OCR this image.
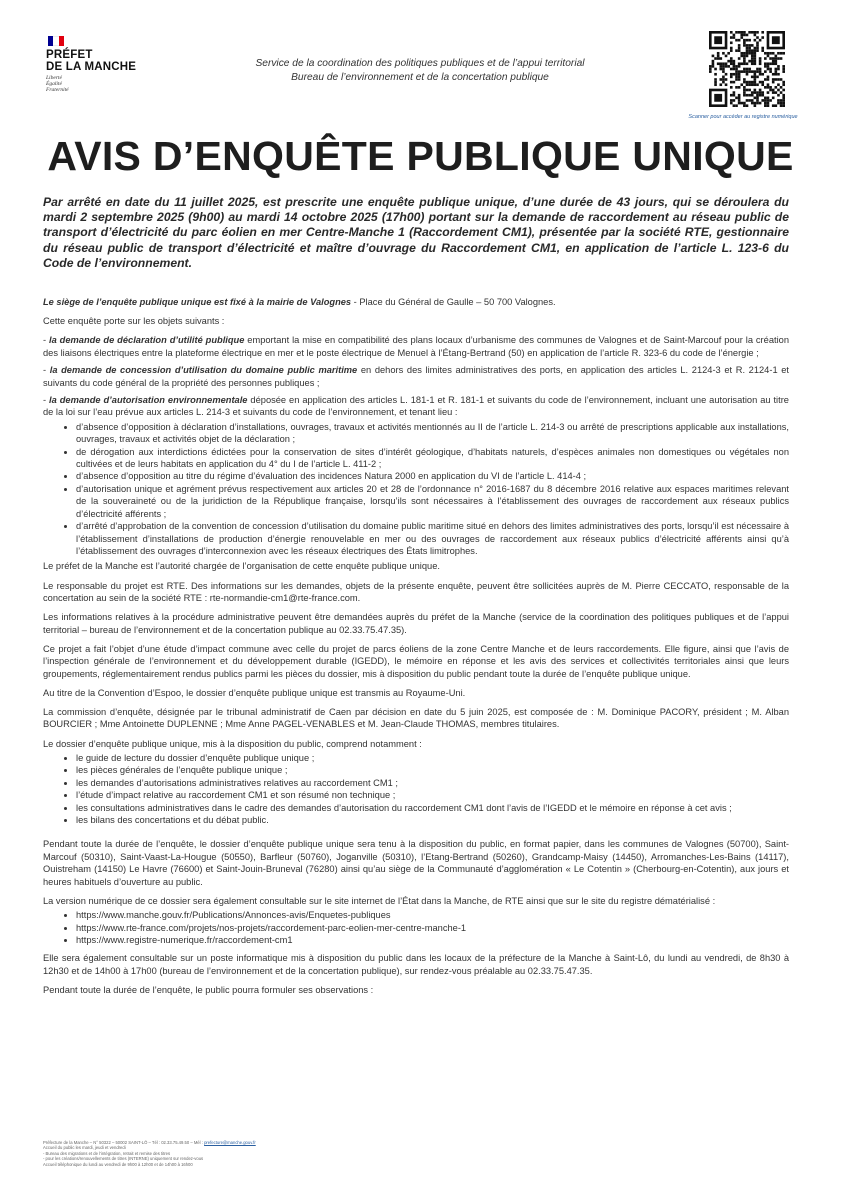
PRÉFET
DE LA MANCHE
Liberté
Égalité
Fraternité
Service de la coordination des politiques publiques et de l’appui territorial
Bureau de l’environnement et de la concertation publique
Scanner pour accéder au registre numérique
AVIS D’ENQUÊTE PUBLIQUE UNIQUE

Par arrêté en date du 11 juillet 2025, est prescrite une enquête publique unique, d’une durée de 43 jours, qui se déroulera du mardi 2 septembre 2025 (9h00) au mardi 14 octobre 2025 (17h00) portant sur la demande de raccordement au réseau public de transport d’électricité du parc éolien en mer Centre-Manche 1 (Raccordement CM1), présentée par la société RTE, gestionnaire du réseau public de transport d’électricité et maître d’ouvrage du Raccordement CM1, en application de l’article L. 123-6 du Code de l’environnement.

Le siège de l’enquête publique unique est fixé à la mairie de Valognes - Place du Général de Gaulle – 50 700 Valognes.

Cette enquête porte sur les objets suivants :

- la demande de déclaration d’utilité publique emportant la mise en compatibilité des plans locaux d’urbanisme des communes de Valognes et de Saint-Marcouf pour la création des liaisons électriques entre la plateforme électrique en mer et le poste électrique de Menuel à l’Étang-Bertrand (50) en application de l’article R. 323-6 du code de l’énergie ;

- la demande de concession d’utilisation du domaine public maritime en dehors des limites administratives des ports, en application des articles L. 2124-3 et R. 2124-1 et suivants du code général de la propriété des personnes publiques ;

- la demande d’autorisation environnementale déposée en application des articles L. 181-1 et R. 181-1 et suivants du code de l’environnement, incluant une autorisation au titre de la loi sur l’eau prévue aux articles L. 214-3 et suivants du code de l’environnement, et tenant lieu :

• d’absence d’opposition à déclaration d’installations, ouvrages, travaux et activités mentionnés au II de l’article L. 214-3 ou arrêté de prescriptions applicable aux installations, ouvrages, travaux et activités objet de la déclaration ;
• de dérogation aux interdictions édictées pour la conservation de sites d’intérêt géologique, d’habitats naturels, d’espèces animales non domestiques ou végétales non cultivées et de leurs habitats en application du 4° du I de l’article L. 411-2 ;
• d’absence d’opposition au titre du régime d’évaluation des incidences Natura 2000 en application du VI de l’article L. 414-4 ;
• d’autorisation unique et agrément prévus respectivement aux articles 20 et 28 de l’ordonnance n° 2016-1687 du 8 décembre 2016 relative aux espaces maritimes relevant de la souveraineté ou de la juridiction de la République française, lorsqu’ils sont nécessaires à l’établissement des ouvrages de raccordement aux réseaux publics d’électricité afférents ;
• d’arrêté d’approbation de la convention de concession d’utilisation du domaine public maritime situé en dehors des limites administratives des ports, lorsqu’il est nécessaire à l’établissement d’installations de production d’énergie renouvelable en mer ou des ouvrages de raccordement aux réseaux publics d’électricité afférents ainsi qu’à l’établissement des ouvrages d’interconnexion avec les réseaux électriques des États limitrophes.

Le préfet de la Manche est l’autorité chargée de l’organisation de cette enquête publique unique.

Le responsable du projet est RTE. Des informations sur les demandes, objets de la présente enquête, peuvent être sollicitées auprès de M. Pierre CECCATO, responsable de la concertation au sein de la société RTE : rte-normandie-cm1@rte-france.com.

Les informations relatives à la procédure administrative peuvent être demandées auprès du préfet de la Manche (service de la coordination des politiques publiques et de l’appui territorial – bureau de l’environnement et de la concertation publique au 02.33.75.47.35).

Ce projet a fait l’objet d’une étude d’impact commune avec celle du projet de parcs éoliens de la zone Centre Manche et de leurs raccordements. Elle figure, ainsi que l’avis de l’inspection générale de l’environnement et du développement durable (IGEDD), le mémoire en réponse et les avis des services et collectivités territoriales ainsi que leurs groupements, réglementairement rendus publics parmi les pièces du dossier, mis à disposition du public pendant toute la durée de l’enquête publique unique.

Au titre de la Convention d’Espoo, le dossier d’enquête publique unique est transmis au Royaume-Uni.

La commission d’enquête, désignée par le tribunal administratif de Caen par décision en date du 5 juin 2025, est composée de : M. Dominique PACORY, président ; M. Alban BOURCIER ; Mme Antoinette DUPLENNE ; Mme Anne PAGEL-VENABLES et M. Jean-Claude THOMAS, membres titulaires.

Le dossier d’enquête publique unique, mis à la disposition du public, comprend notamment :

• le guide de lecture du dossier d’enquête publique unique ;
• les pièces générales de l’enquête publique unique ;
• les demandes d’autorisations administratives relatives au raccordement CM1 ;
• l’étude d’impact relative au raccordement CM1 et son résumé non technique ;
• les consultations administratives dans le cadre des demandes d’autorisation du raccordement CM1 dont l’avis de l’IGEDD et le mémoire en réponse à cet avis ;
• les bilans des concertations et du débat public.

Pendant toute la durée de l’enquête, le dossier d’enquête publique unique sera tenu à la disposition du public, en format papier, dans les communes de Valognes (50700), Saint-Marcouf (50310), Saint-Vaast-La-Hougue (50550), Barfleur (50760), Joganville (50310), l’Etang-Bertrand (50260), Grandcamp-Maisy (14450), Arromanches-Les-Bains (14117), Ouistreham (14150) Le Havre (76600) et Saint-Jouin-Bruneval (76280) ainsi qu’au siège de la Communauté d’agglomération « Le Cotentin » (Cherbourg-en-Cotentin), aux jours et heures habituels d’ouverture au public.

La version numérique de ce dossier sera également consultable sur le site internet de l’État dans la Manche, de RTE ainsi que sur le site du registre dématérialisé :

• https://www.manche.gouv.fr/Publications/Annonces-avis/Enquetes-publiques
• https://www.rte-france.com/projets/nos-projets/raccordement-parc-eolien-mer-centre-manche-1
• https://www.registre-numerique.fr/raccordement-cm1

Elle sera également consultable sur un poste informatique mis à disposition du public dans les locaux de la préfecture de la Manche à Saint-Lô, du lundi au vendredi, de 8h30 à 12h30 et de 14h00 à 17h00 (bureau de l’environnement et de la concertation publique), sur rendez-vous préalable au 02.33.75.47.35.

Pendant toute la durée de l’enquête, le public pourra formuler ses observations :

Préfecture de la Manche – N° 50322 – 50002 SAINT-LÔ – Tél : 02.33.75.49.50 – Mél : prefecture@manche.gouv.fr
Accueil du public les mardi, jeudi et vendredi
- Bureau des migrations et de l’intégration, retrait et remise des titres
- pour les créations/renouvellements de titres (INTERNE) uniquement sur rendez-vous
Accueil téléphonique du lundi au vendredi de 9h00 à 12h00 et de 14h00 à 16h00
